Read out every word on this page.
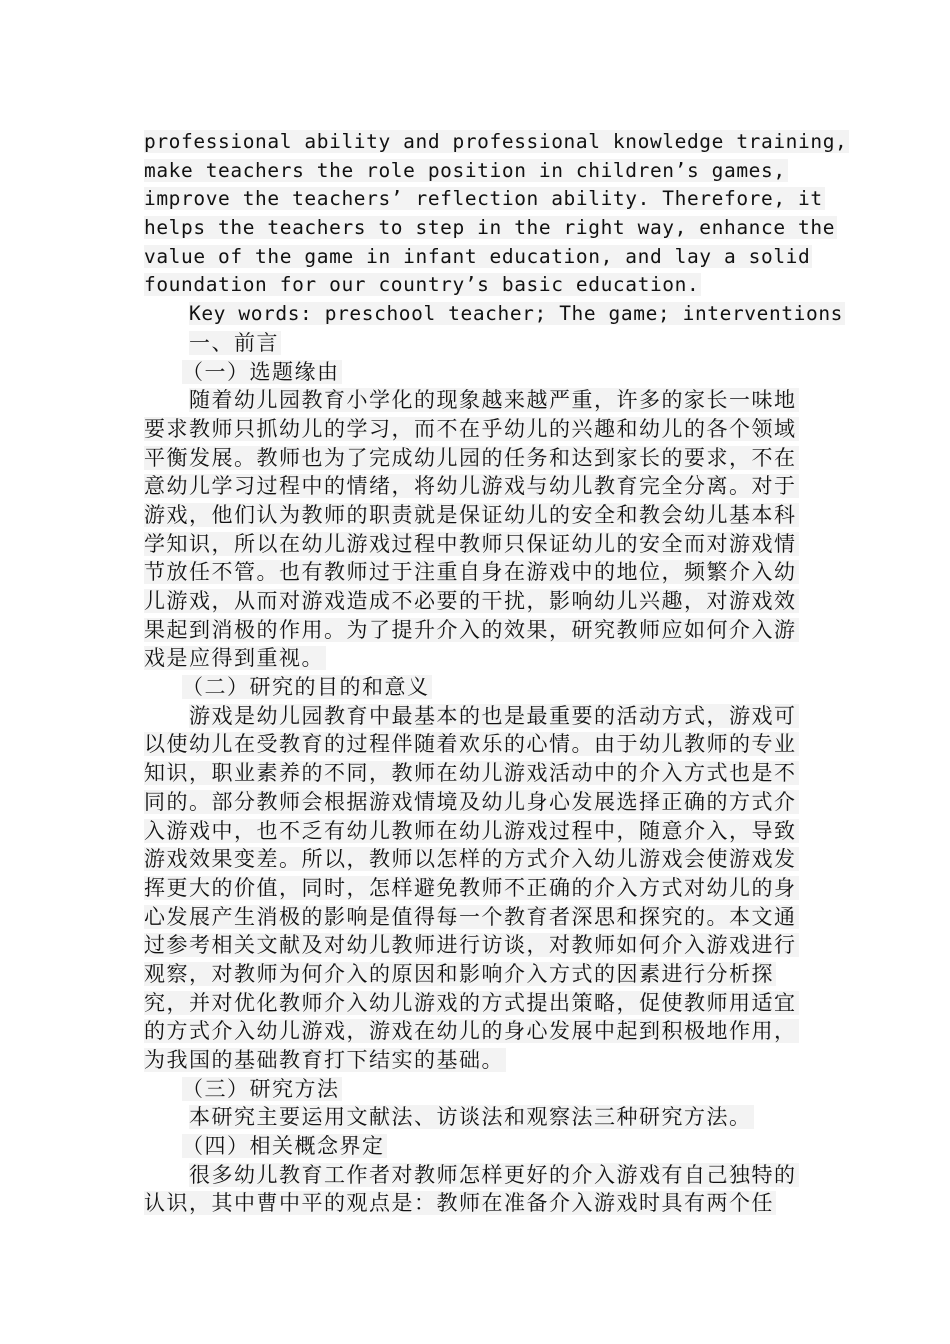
professional ability and professional knowledge training,
make teachers the role position in children’s games,
improve the teachers’ reflection ability. Therefore, it
helps the teachers to step in the right way, enhance the
value of the game in infant education, and lay a solid
foundation for our country’s basic education.
Key words: preschool teacher; The game; interventions
一、前言
（一）选题缘由
随着幼儿园教育小学化的现象越来越严重，许多的家长一味地
要求教师只抓幼儿的学习，而不在乎幼儿的兴趣和幼儿的各个领域
平衡发展。教师也为了完成幼儿园的任务和达到家长的要求，不在
意幼儿学习过程中的情绪，将幼儿游戏与幼儿教育完全分离。对于
游戏，他们认为教师的职责就是保证幼儿的安全和教会幼儿基本科
学知识，所以在幼儿游戏过程中教师只保证幼儿的安全而对游戏情
节放任不管。也有教师过于注重自身在游戏中的地位，频繁介入幼
儿游戏，从而对游戏造成不必要的干扰，影响幼儿兴趣，对游戏效
果起到消极的作用。为了提升介入的效果，研究教师应如何介入游
戏是应得到重视。
（二）研究的目的和意义
游戏是幼儿园教育中最基本的也是最重要的活动方式，游戏可
以使幼儿在受教育的过程伴随着欢乐的心情。由于幼儿教师的专业
知识，职业素养的不同，教师在幼儿游戏活动中的介入方式也是不
同的。部分教师会根据游戏情境及幼儿身心发展选择正确的方式介
入游戏中，也不乏有幼儿教师在幼儿游戏过程中，随意介入，导致
游戏效果变差。所以，教师以怎样的方式介入幼儿游戏会使游戏发
挥更大的价值，同时，怎样避免教师不正确的介入方式对幼儿的身
心发展产生消极的影响是值得每一个教育者深思和探究的。本文通
过参考相关文献及对幼儿教师进行访谈，对教师如何介入游戏进行
观察，对教师为何介入的原因和影响介入方式的因素进行分析探
究，并对优化教师介入幼儿游戏的方式提出策略，促使教师用适宜
的方式介入幼儿游戏，游戏在幼儿的身心发展中起到积极地作用，
为我国的基础教育打下结实的基础。
（三）研究方法
本研究主要运用文献法、访谈法和观察法三种研究方法。
（四）相关概念界定
很多幼儿教育工作者对教师怎样更好的介入游戏有自己独特的
认识，其中曹中平的观点是：教师在准备介入游戏时具有两个任
